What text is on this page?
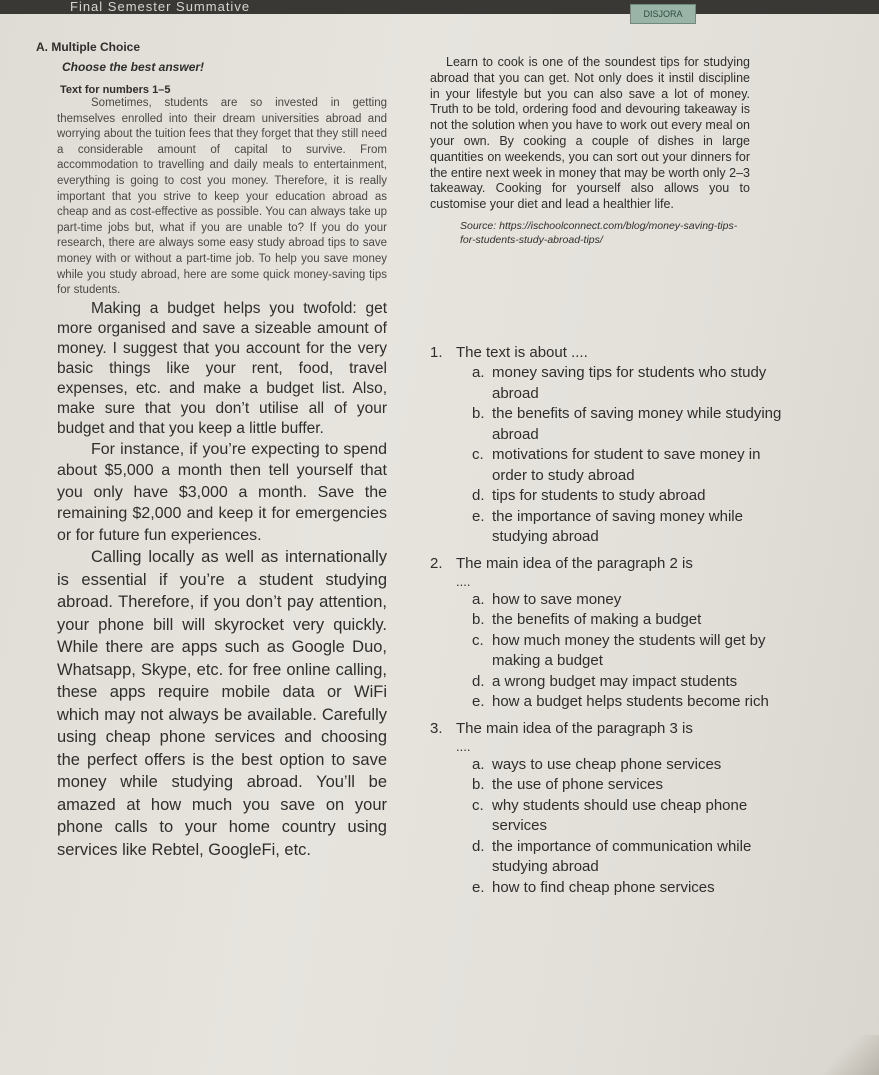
Final Semester Summative	DISJORA
A. Multiple Choice
Choose the best answer!
Text for numbers 1–5

Sometimes, students are so invested in getting themselves enrolled into their dream universities abroad and worrying about the tuition fees that they forget that they still need a considerable amount of capital to survive. From accommodation to travelling and daily meals to entertainment, everything is going to cost you money. Therefore, it is really important that you strive to keep your education abroad as cheap and as cost-effective as possible. You can always take up part-time jobs but, what if you are unable to? If you do your research, there are always some easy study abroad tips to save money with or without a part-time job. To help you save money while you study abroad, here are some quick money-saving tips for students.

Making a budget helps you twofold: get more organised and save a sizeable amount of money. I suggest that you account for the very basic things like your rent, food, travel expenses, etc. and make a budget list. Also, make sure that you don’t utilise all of your budget and that you keep a little buffer.

For instance, if you’re expecting to spend about $5,000 a month then tell yourself that you only have $3,000 a month. Save the remaining $2,000 and keep it for emergencies or for future fun experiences.

Calling locally as well as internationally is essential if you’re a student studying abroad. Therefore, if you don’t pay attention, your phone bill will skyrocket very quickly. While there are apps such as Google Duo, Whatsapp, Skype, etc. for free online calling, these apps require mobile data or WiFi which may not always be available. Carefully using cheap phone services and choosing the perfect offers is the best option to save money while studying abroad. You’ll be amazed at how much you save on your phone calls to your home country using services like Rebtel, GoogleFi, etc.

Learn to cook is one of the soundest tips for studying abroad that you can get. Not only does it instil discipline in your lifestyle but you can also save a lot of money. Truth to be told, ordering food and devouring takeaway is not the solution when you have to work out every meal on your own. By cooking a couple of dishes in large quantities on weekends, you can sort out your dinners for the entire next week in money that may be worth only 2–3 takeaway. Cooking for yourself also allows you to customise your diet and lead a healthier life.

Source: https://ischoolconnect.com/blog/money-saving-tips-for-students-study-abroad-tips/

1. The text is about ....
a. money saving tips for students who study abroad
b. the benefits of saving money while studying abroad
c. motivations for student to save money in order to study abroad
d. tips for students to study abroad
e. the importance of saving money while studying abroad
2. The main idea of the paragraph 2 is
....
a. how to save money
b. the benefits of making a budget
c. how much money the students will get by making a budget
d. a wrong budget may impact students
e. how a budget helps students become rich
3. The main idea of the paragraph 3 is
....
a. ways to use cheap phone services
b. the use of phone services
c. why students should use cheap phone services
d. the importance of communication while studying abroad
e. how to find cheap phone services
